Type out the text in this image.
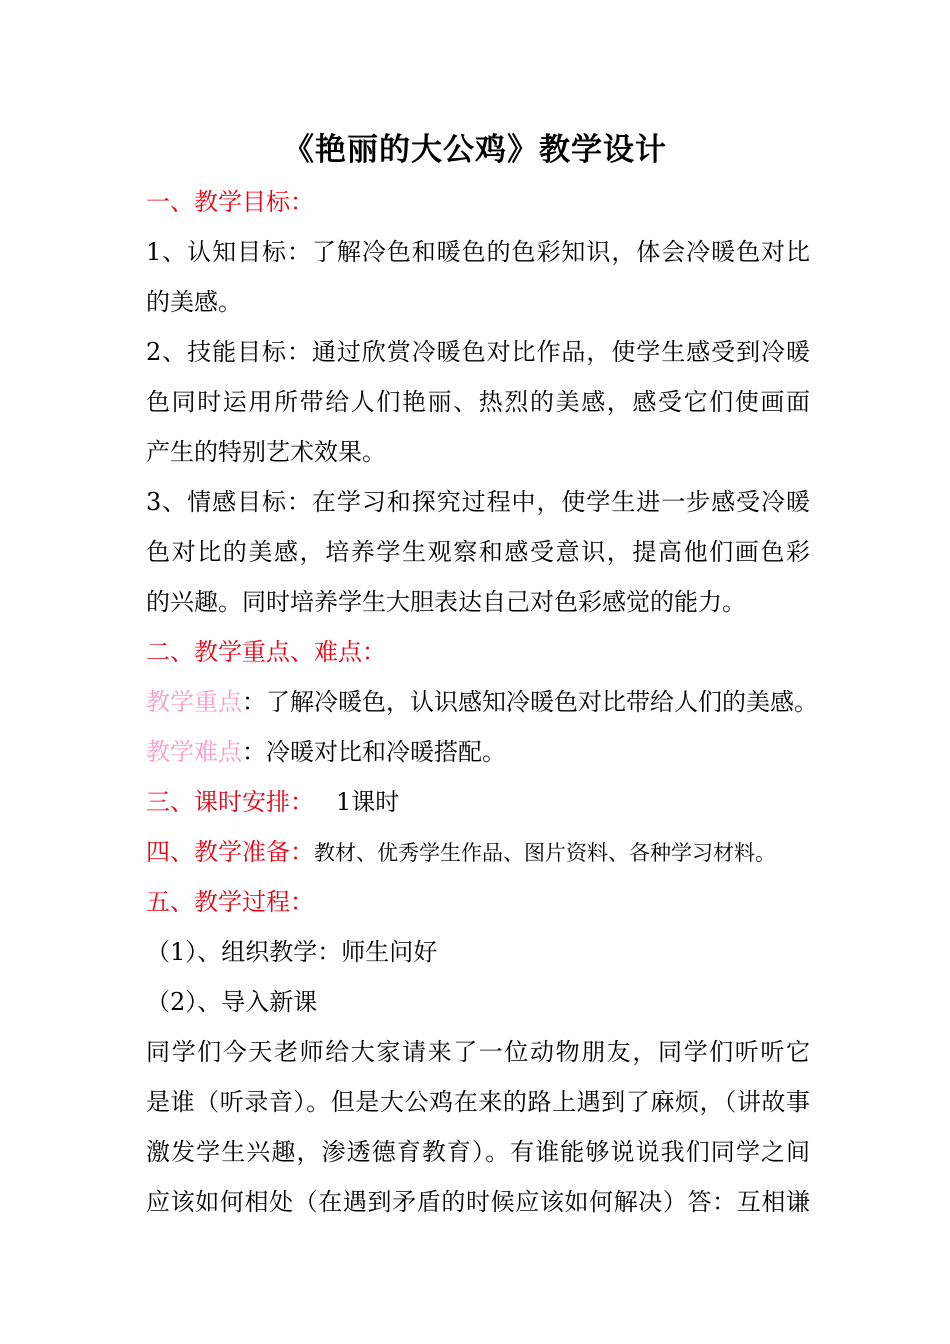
《艳丽的大公鸡》教学设计
一、教学目标：
1、认知目标：了解冷色和暖色的色彩知识，体会冷暖色对比
的美感。
2、技能目标：通过欣赏冷暖色对比作品，使学生感受到冷暖
色同时运用所带给人们艳丽、热烈的美感，感受它们使画面
产生的特别艺术效果。
3、情感目标：在学习和探究过程中，使学生进一步感受冷暖
色对比的美感，培养学生观察和感受意识，提高他们画色彩
的兴趣。同时培养学生大胆表达自己对色彩感觉的能力。
二、教学重点、难点：
教学重点：了解冷暖色，认识感知冷暖色对比带给人们的美感。
教学难点：冷暖对比和冷暖搭配。
三、课时安排： 1课时
四、教学准备：教材、优秀学生作品、图片资料、各种学习材料。
五、教学过程：
（1）、组织教学：师生问好
（2）、导入新课
同学们今天老师给大家请来了一位动物朋友，同学们听听它
是谁（听录音）。但是大公鸡在来的路上遇到了麻烦，（讲故事
激发学生兴趣，渗透德育教育）。有谁能够说说我们同学之间
应该如何相处（在遇到矛盾的时候应该如何解决）答：互相谦
